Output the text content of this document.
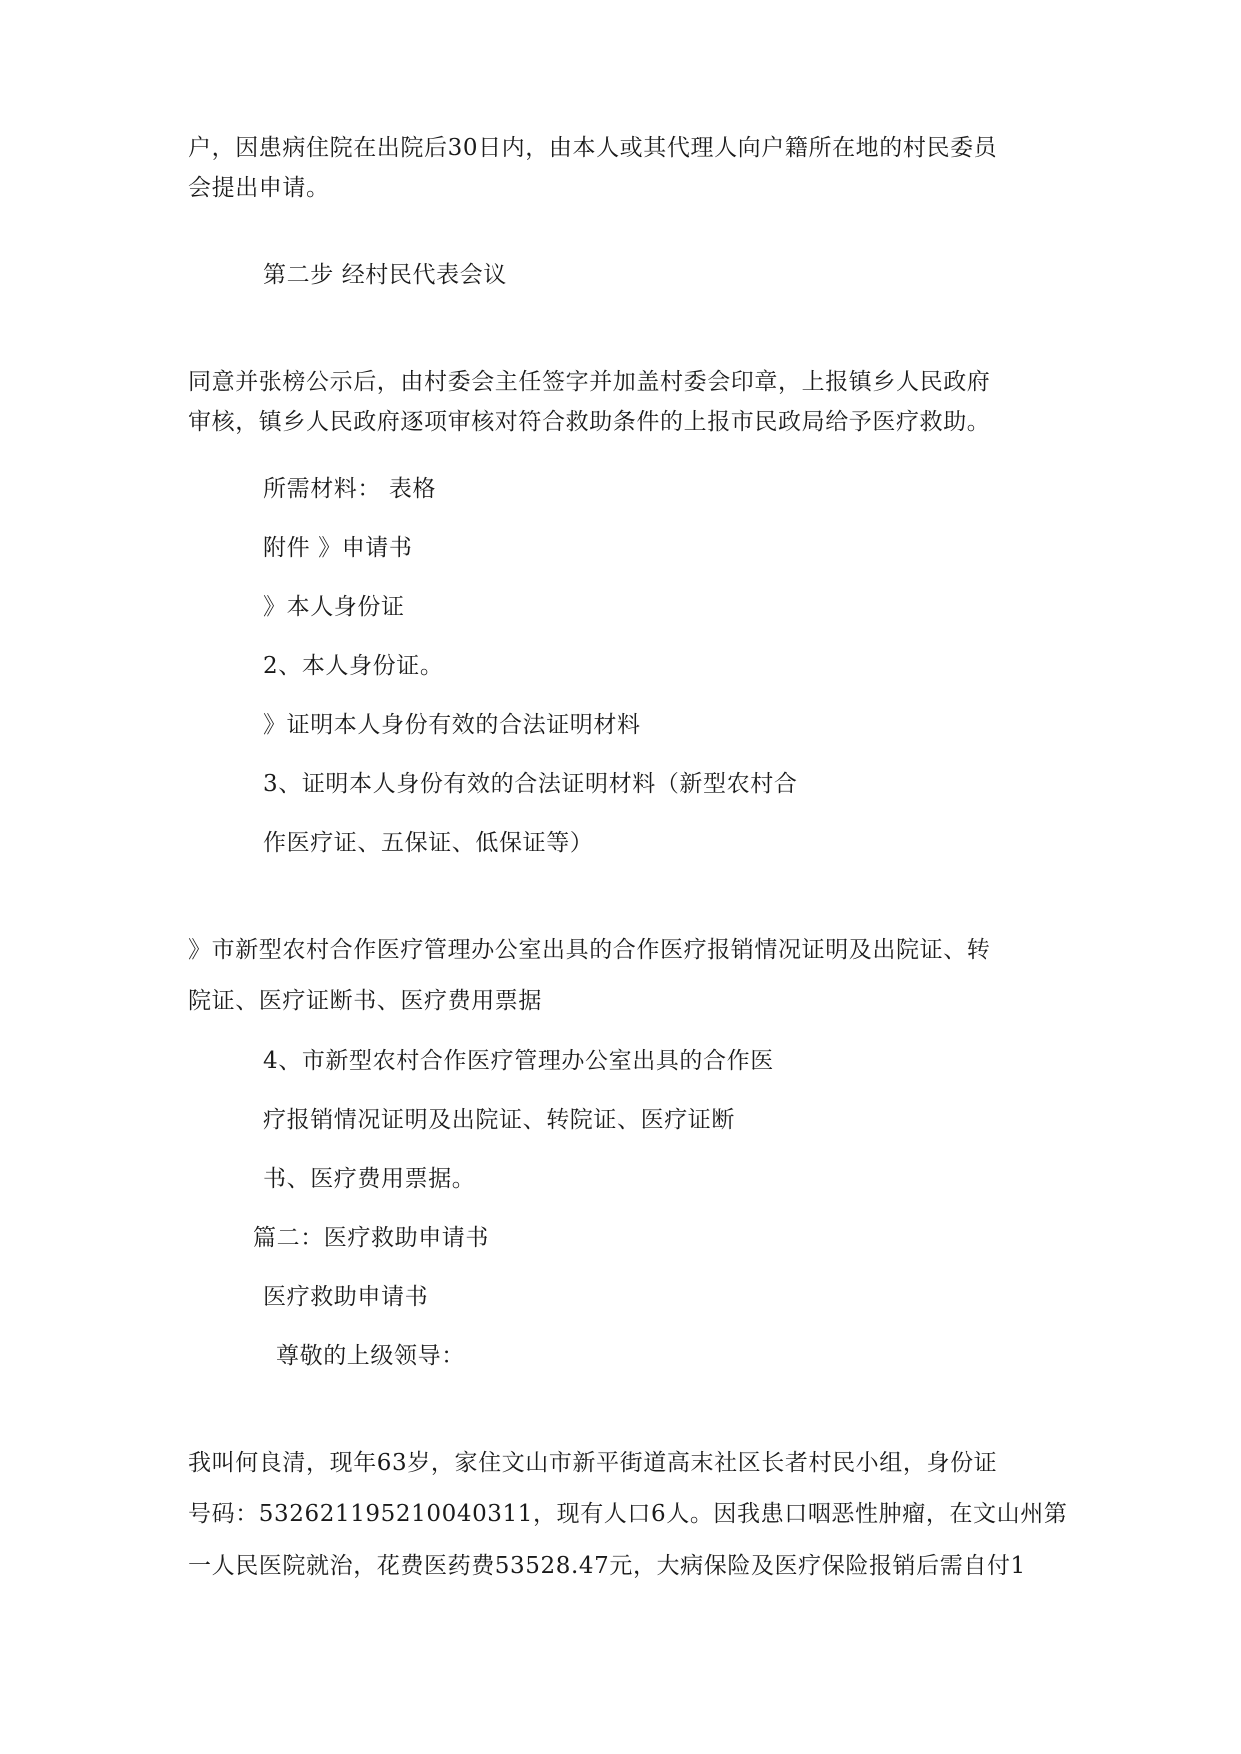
户，因患病住院在出院后30日内，由本人或其代理人向户籍所在地的村民委员

会提出申请。

第二步 经村民代表会议

同意并张榜公示后，由村委会主任签字并加盖村委会印章，上报镇乡人民政府

审核，镇乡人民政府逐项审核对符合救助条件的上报市民政局给予医疗救助。

所需材料： 表格

附件 》申请书

》本人身份证

2、本人身份证。

》证明本人身份有效的合法证明材料

3、证明本人身份有效的合法证明材料（新型农村合

作医疗证、五保证、低保证等）

》市新型农村合作医疗管理办公室出具的合作医疗报销情况证明及出院证、转

院证、医疗证断书、医疗费用票据

4、市新型农村合作医疗管理办公室出具的合作医

疗报销情况证明及出院证、转院证、医疗证断

书、医疗费用票据。

篇二：医疗救助申请书

医疗救助申请书

尊敬的上级领导：

我叫何良清，现年63岁，家住文山市新平街道高末社区长者村民小组，身份证

号码：532621195210040311，现有人口6人。因我患口咽恶性肿瘤，在文山州第

一人民医院就治，花费医药费53528.47元，大病保险及医疗保险报销后需自付1
